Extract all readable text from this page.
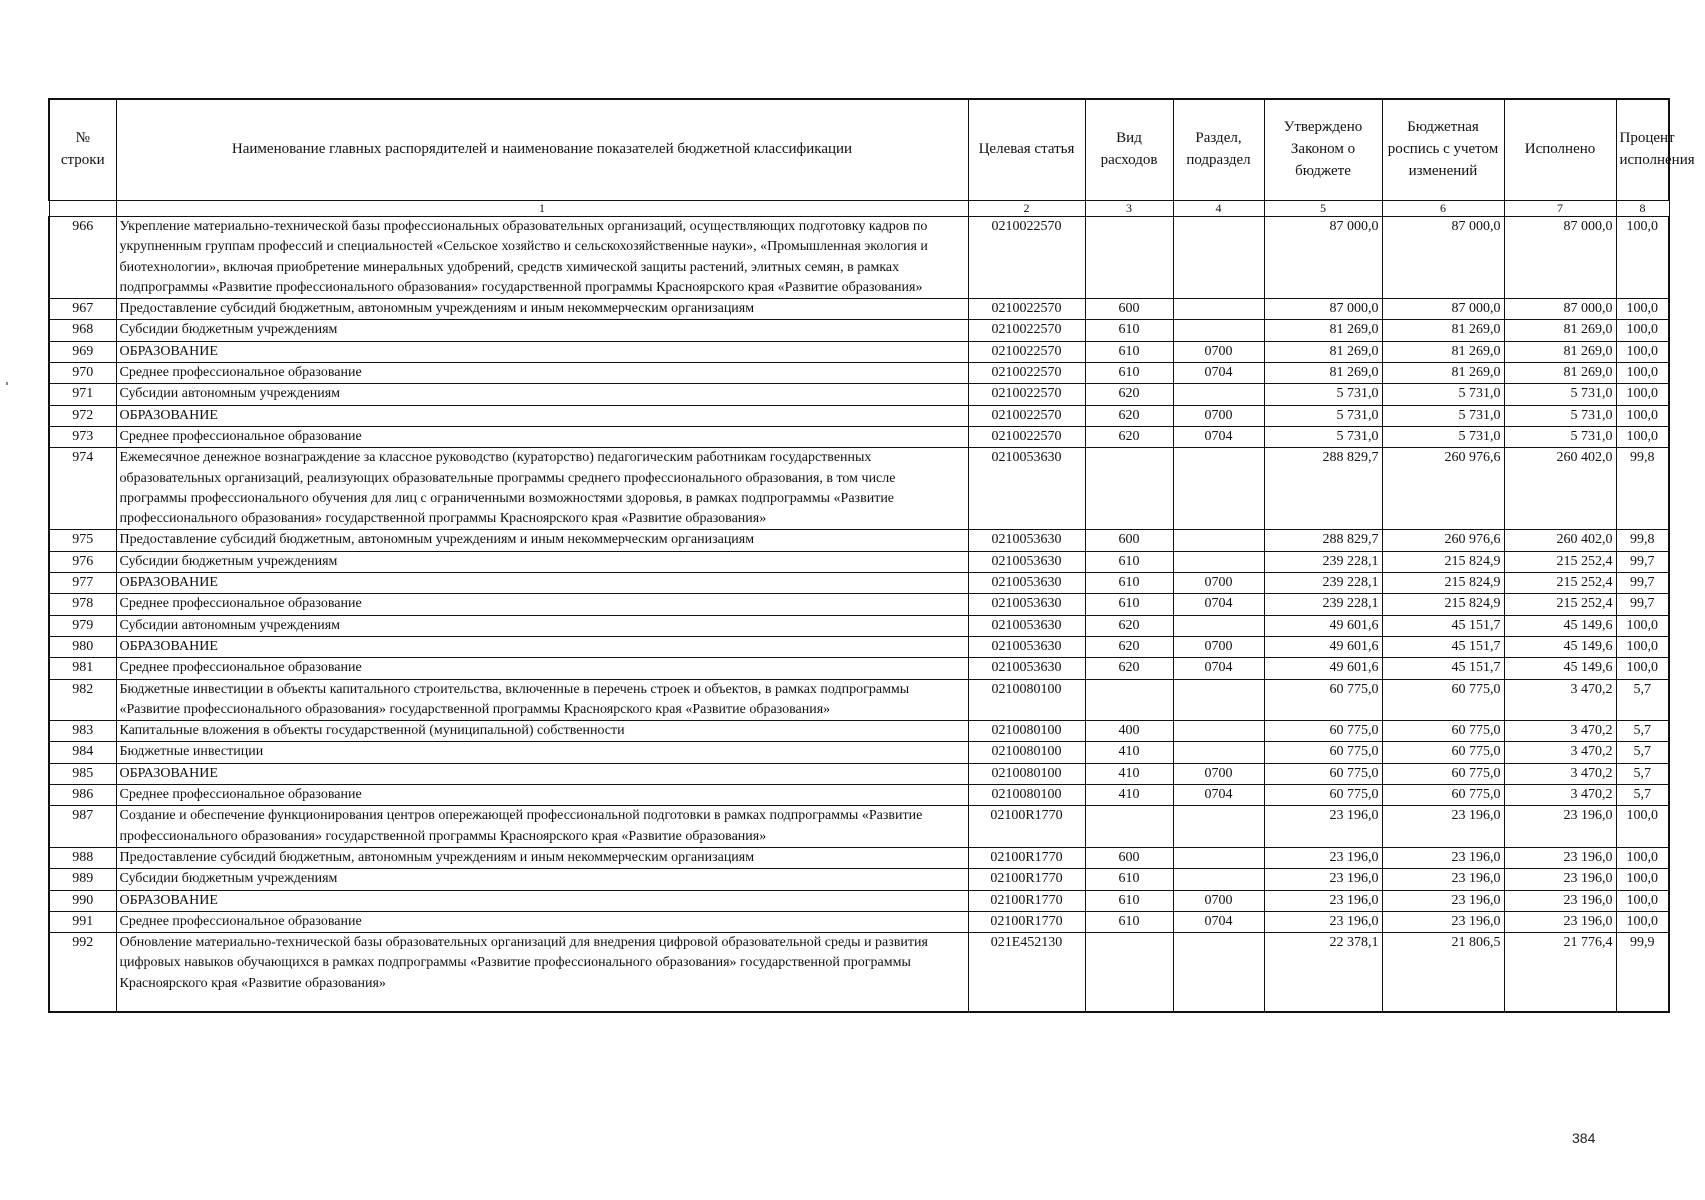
№ строки	Наименование главных распорядителей и наименование показателей бюджетной классификации	Целевая статья	Вид расходов	Раздел, подраздел	Утверждено Законом о бюджете	Бюджетная роспись с учетом изменений	Исполнено	Процент исполнения
	1	2	3	4	5	6	7	8
966	Укрепление материально-технической базы профессиональных образовательных организаций, осуществляющих подготовку кадров по укрупненным группам профессий и специальностей «Сельское хозяйство и сельскохозяйственные науки», «Промышленная экология и биотехнологии», включая приобретение минеральных удобрений, средств химической защиты растений, элитных семян, в рамках подпрограммы «Развитие профессионального образования» государственной программы Красноярского края «Развитие образования»	0210022570			87 000,0	87 000,0	87 000,0	100,0
967	Предоставление субсидий бюджетным, автономным учреждениям и иным некоммерческим организациям	0210022570	600		87 000,0	87 000,0	87 000,0	100,0
968	Субсидии бюджетным учреждениям	0210022570	610		81 269,0	81 269,0	81 269,0	100,0
969	ОБРАЗОВАНИЕ	0210022570	610	0700	81 269,0	81 269,0	81 269,0	100,0
970	Среднее профессиональное образование	0210022570	610	0704	81 269,0	81 269,0	81 269,0	100,0
971	Субсидии автономным учреждениям	0210022570	620		5 731,0	5 731,0	5 731,0	100,0
972	ОБРАЗОВАНИЕ	0210022570	620	0700	5 731,0	5 731,0	5 731,0	100,0
973	Среднее профессиональное образование	0210022570	620	0704	5 731,0	5 731,0	5 731,0	100,0
974	Ежемесячное денежное вознаграждение за классное руководство (кураторство) педагогическим работникам государственных образовательных организаций, реализующих образовательные программы среднего профессионального образования, в том числе программы профессионального обучения для лиц с ограниченными возможностями здоровья, в рамках подпрограммы «Развитие профессионального образования» государственной программы Красноярского края «Развитие образования»	0210053630			288 829,7	260 976,6	260 402,0	99,8
975	Предоставление субсидий бюджетным, автономным учреждениям и иным некоммерческим организациям	0210053630	600		288 829,7	260 976,6	260 402,0	99,8
976	Субсидии бюджетным учреждениям	0210053630	610		239 228,1	215 824,9	215 252,4	99,7
977	ОБРАЗОВАНИЕ	0210053630	610	0700	239 228,1	215 824,9	215 252,4	99,7
978	Среднее профессиональное образование	0210053630	610	0704	239 228,1	215 824,9	215 252,4	99,7
979	Субсидии автономным учреждениям	0210053630	620		49 601,6	45 151,7	45 149,6	100,0
980	ОБРАЗОВАНИЕ	0210053630	620	0700	49 601,6	45 151,7	45 149,6	100,0
981	Среднее профессиональное образование	0210053630	620	0704	49 601,6	45 151,7	45 149,6	100,0
982	Бюджетные инвестиции в объекты капитального строительства, включенные в перечень строек и объектов, в рамках подпрограммы «Развитие профессионального образования» государственной программы Красноярского края «Развитие образования»	0210080100			60 775,0	60 775,0	3 470,2	5,7
983	Капитальные вложения в объекты государственной (муниципальной) собственности	0210080100	400		60 775,0	60 775,0	3 470,2	5,7
984	Бюджетные инвестиции	0210080100	410		60 775,0	60 775,0	3 470,2	5,7
985	ОБРАЗОВАНИЕ	0210080100	410	0700	60 775,0	60 775,0	3 470,2	5,7
986	Среднее профессиональное образование	0210080100	410	0704	60 775,0	60 775,0	3 470,2	5,7
987	Создание и обеспечение функционирования центров опережающей профессиональной подготовки в рамках подпрограммы «Развитие профессионального образования» государственной программы Красноярского края «Развитие образования»	02100R1770			23 196,0	23 196,0	23 196,0	100,0
988	Предоставление субсидий бюджетным, автономным учреждениям и иным некоммерческим организациям	02100R1770	600		23 196,0	23 196,0	23 196,0	100,0
989	Субсидии бюджетным учреждениям	02100R1770	610		23 196,0	23 196,0	23 196,0	100,0
990	ОБРАЗОВАНИЕ	02100R1770	610	0700	23 196,0	23 196,0	23 196,0	100,0
991	Среднее профессиональное образование	02100R1770	610	0704	23 196,0	23 196,0	23 196,0	100,0
992	Обновление материально-технической базы образовательных организаций для внедрения цифровой образовательной среды и развития цифровых навыков обучающихся в рамках подпрограммы «Развитие профессионального образования» государственной программы Красноярского края «Развитие образования»	021E452130			22 378,1	21 806,5	21 776,4	99,9
384
